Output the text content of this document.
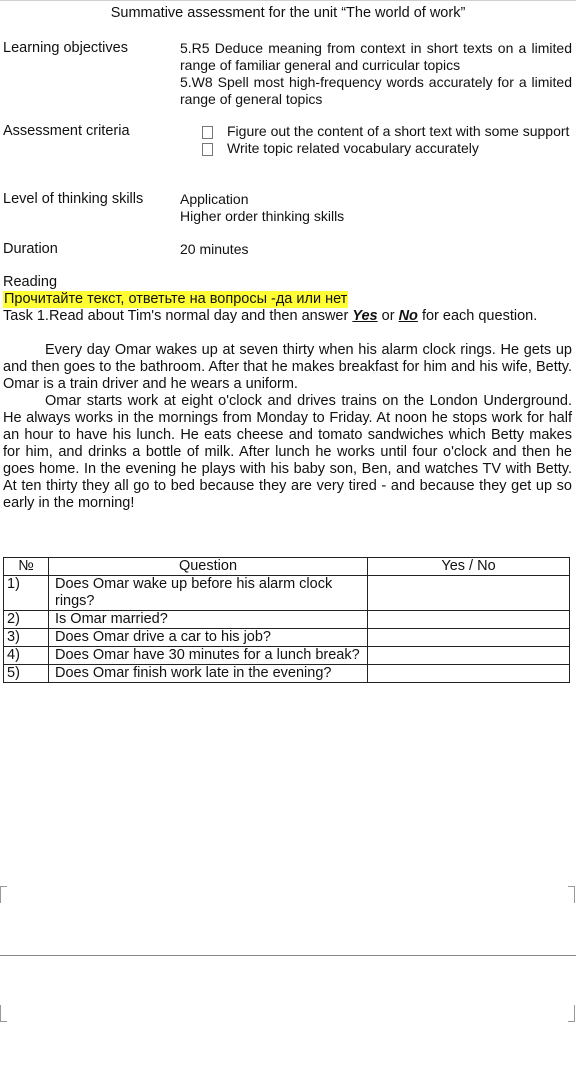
Summative assessment for the unit “The world of work”
Learning objectives	5.R5 Deduce meaning from context in short texts on a limited range of familiar general and curricular topics
5.W8 Spell most high-frequency words accurately for a limited range of general topics
Assessment criteria	Figure out the content of a short text with some support
Write topic related vocabulary accurately
Level of thinking skills	Application
Higher order thinking skills
Duration	20 minutes
Reading
Прочитайте текст, ответьте на вопросы -да или нет
Task 1.Read about Tim's normal day and then answer Yes or No for each question.

Every day Omar wakes up at seven thirty when his alarm clock rings. He gets up and then goes to the bathroom. After that he makes breakfast for him and his wife, Betty. Omar is a train driver and he wears a uniform.

Omar starts work at eight o'clock and drives trains on the London Underground. He always works in the mornings from Monday to Friday. At noon he stops work for half an hour to have his lunch. He eats cheese and tomato sandwiches which Betty makes for him, and drinks a bottle of milk. After lunch he works until four o'clock and then he goes home. In the evening he plays with his baby son, Ben, and watches TV with Betty. At ten thirty they all go to bed because they are very tired - and because they get up so early in the morning!

№	Question	Yes / No
1)	Does Omar wake up before his alarm clock rings?	
2)	Is Omar married?	
3)	Does Omar drive a car to his job?	
4)	Does Omar have 30 minutes for a lunch break?	
5)	Does Omar finish work late in the evening?	
